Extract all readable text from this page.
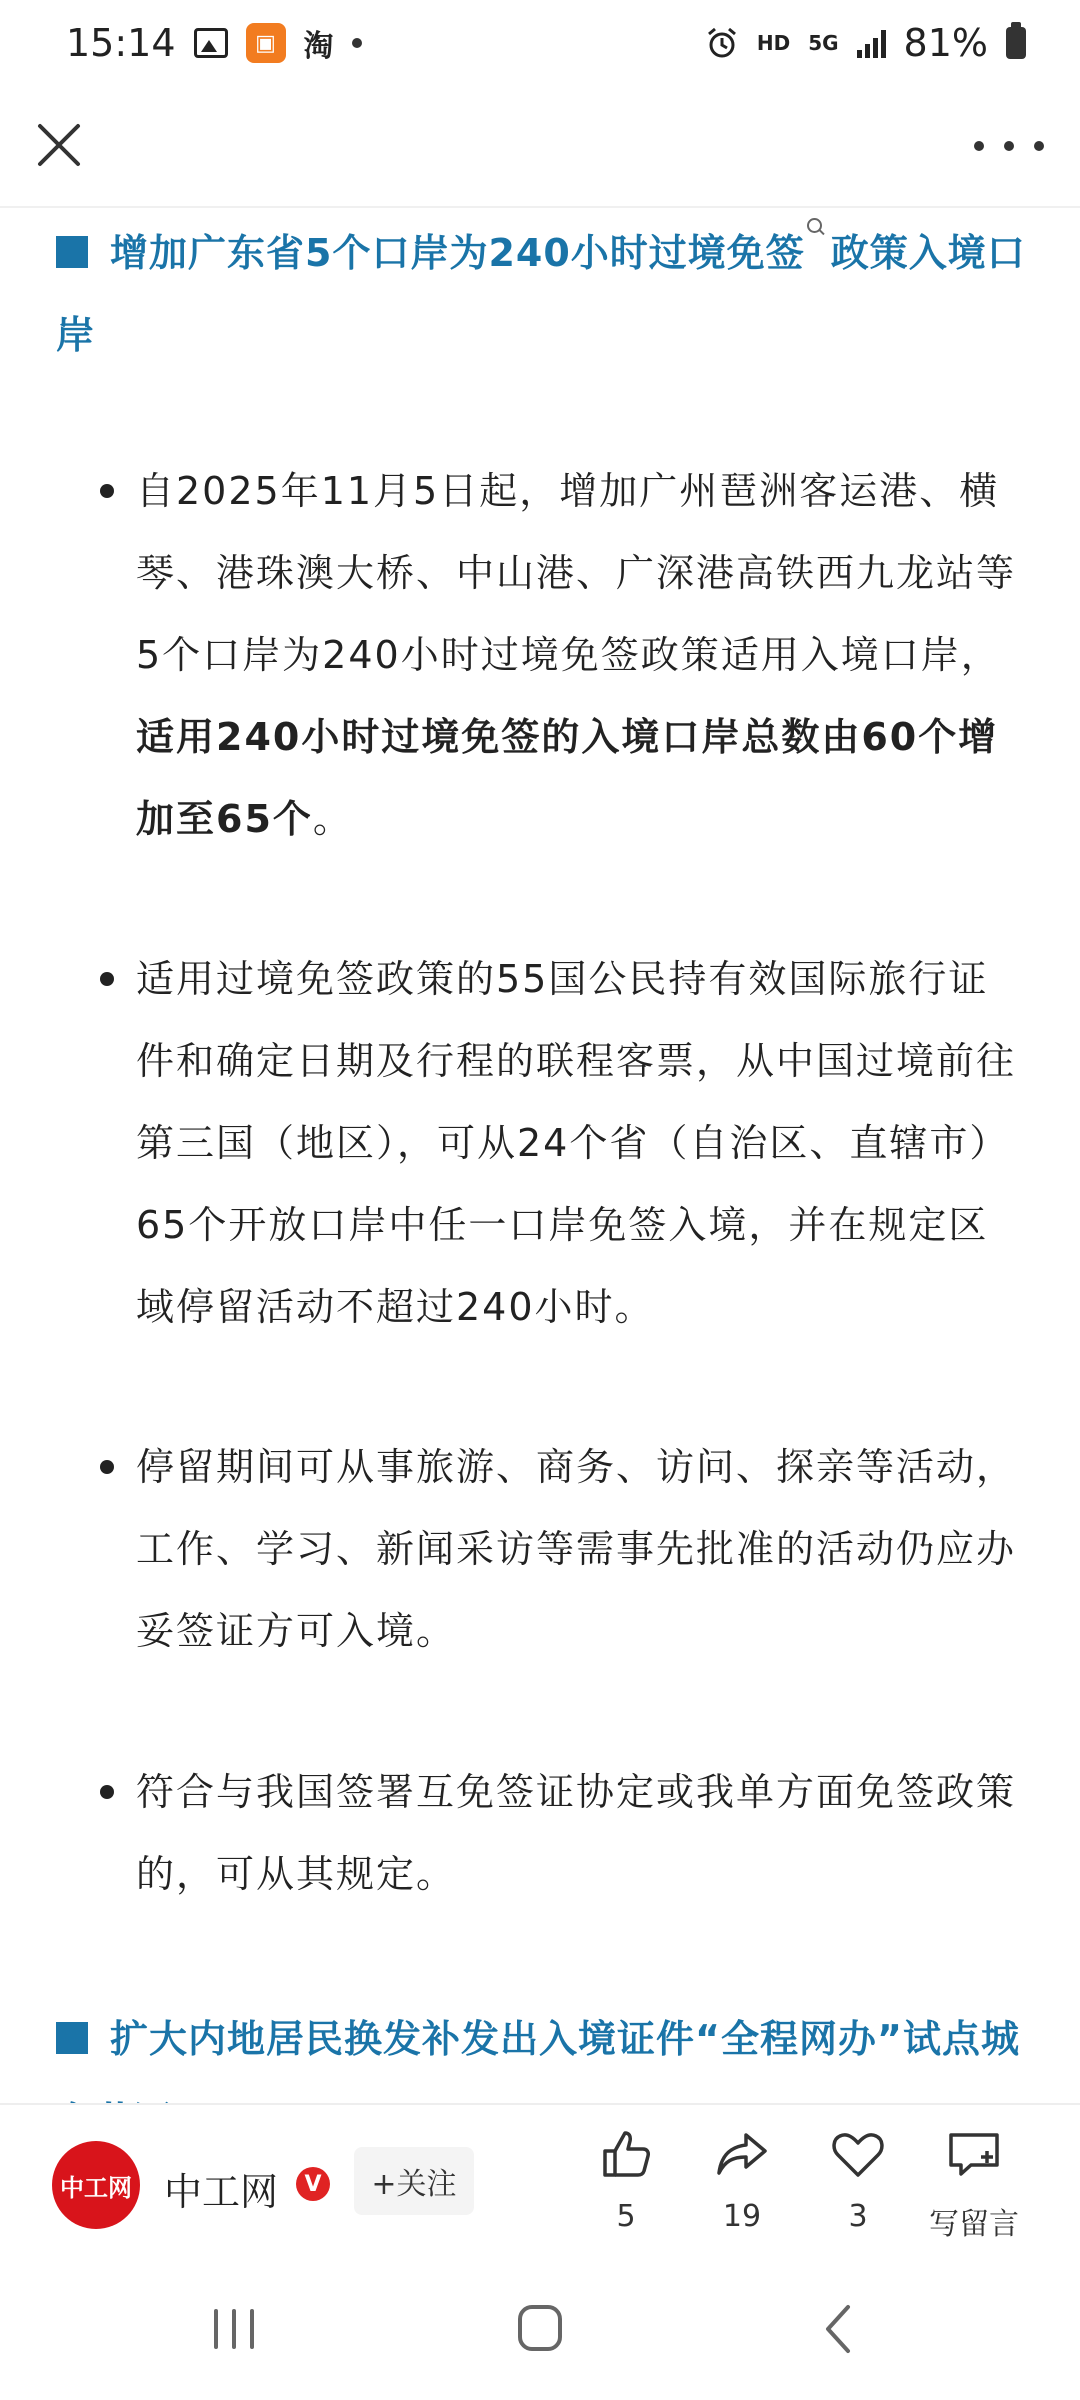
15:14	▣ 淘	HD 5G 81%
增加广东省5个口岸为240小时过境免签 政策入境口岸
自2025年11月5日起，增加广州琶洲客运港、横琴、港珠澳大桥、中山港、广深港高铁西九龙站等5个口岸为240小时过境免签政策适用入境口岸，适用240小时过境免签的入境口岸总数由60个增加至65个。
适用过境免签政策的55国公民持有效国际旅行证件和确定日期及行程的联程客票，从中国过境前往第三国（地区），可从24个省（自治区、直辖市）65个开放口岸中任一口岸免签入境，并在规定区域停留活动不超过240小时。
停留期间可从事旅游、商务、访问、探亲等活动，工作、学习、新闻采访等需事先批准的活动仍应办妥签证方可入境。
符合与我国签署互免签证协定或我单方面免签政策的，可从其规定。
扩大内地居民换发补发出入境证件“全程网办”试点城
中工网 中工网	V	+关注
5	19	3 写留言
